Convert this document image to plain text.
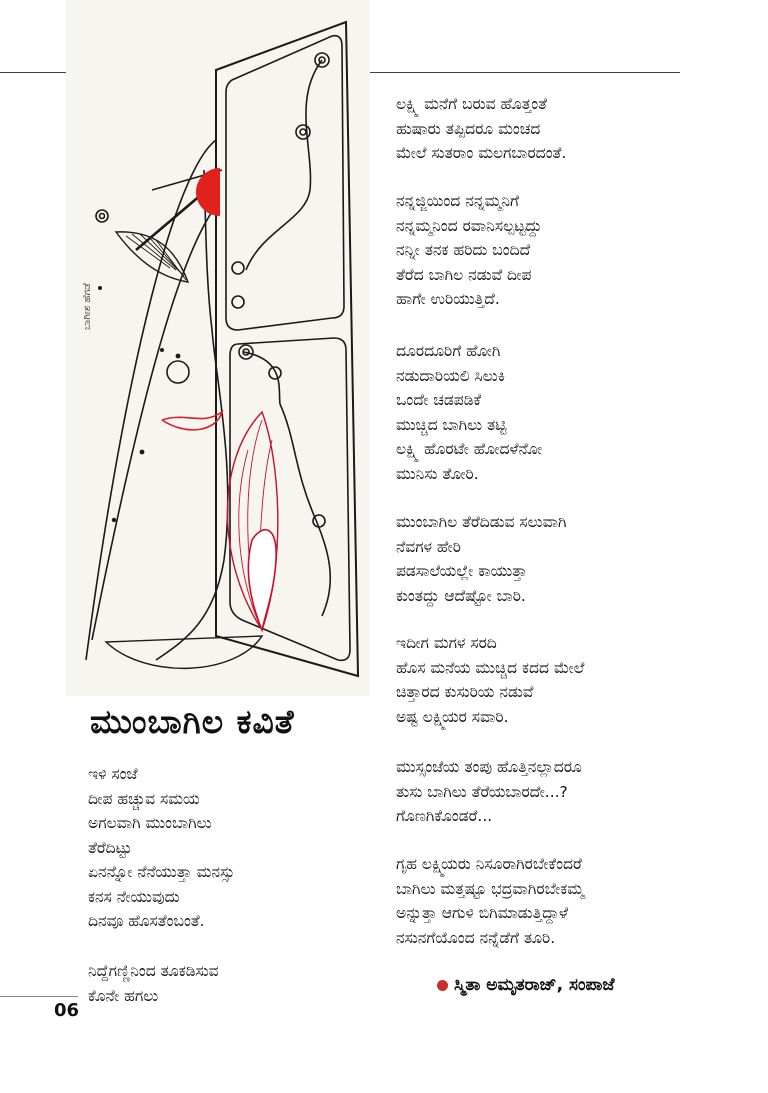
ಬಾಗೀಶ ಹೆಗಡೆ
ಮುಂಬಾಗಿಲ ಕವಿತೆ
ಇಳಿ ಸಂಜೆ
ದೀಪ ಹಚ್ಚುವ ಸಮಯ
ಅಗಲವಾಗಿ ಮುಂಬಾಗಿಲು
ತೆರೆದಿಟ್ಟು
ಏನನ್ನೋ ನೆನೆಯುತ್ತಾ ಮನಸ್ಸು
ಕನಸ ನೇಯುವುದು
ದಿನವೂ ಹೊಸತೆಂಬಂತೆ.
ನಿದ್ದೆಗಣ್ಣಿನಿಂದ ತೂಕಡಿಸುವ
ಕೊನೇ ಹಗಲು
ಲಕ್ಷ್ಮಿ ಮನೆಗೆ ಬರುವ ಹೊತ್ತಂತೆ
ಹುಷಾರು ತಪ್ಪಿದರೂ ಮಂಚದ
ಮೇಲೆ ಸುತರಾಂ ಮಲಗಬಾರದಂತೆ.
ನನ್ನಜ್ಜಿಯಿಂದ ನನ್ನಮ್ಮನಿಗೆ
ನನ್ನಮ್ಮನಿಂದ ರವಾನಿಸಲ್ಪಟ್ಟದ್ದು
ನನ್ನೀ ತನಕ ಹರಿದು ಬಂದಿದೆ
ತೆರೆದ ಬಾಗಿಲ ನಡುವೆ ದೀಪ
ಹಾಗೇ ಉರಿಯುತ್ತಿದೆ.
ದೂರದೂರಿಗೆ ಹೋಗಿ
ನಡುದಾರಿಯಲಿ ಸಿಲುಕಿ
ಒಂದೇ ಚಡಪಡಿಕೆ
ಮುಚ್ಚಿದ ಬಾಗಿಲು ತಟ್ಟಿ
ಲಕ್ಷ್ಮಿ ಹೊರಟೇ ಹೋದಳೆನೋ
ಮುನಿಸು ತೋರಿ.
ಮುಂಬಾಗಿಲ ತೆರೆದಿಡುವ ಸಲುವಾಗಿ
ನೆವಗಳ ಹೇರಿ
ಪಡಸಾಲೆಯಲ್ಲೇ ಕಾಯುತ್ತಾ
ಕುಂತದ್ದು ಆದೆಷ್ಟೋ ಬಾರಿ.
ಇದೀಗ ಮಗಳ ಸರದಿ
ಹೊಸ ಮನೆಯ ಮುಚ್ಚಿದ ಕದದ ಮೇಲೆ
ಚಿತ್ತಾರದ ಕುಸುರಿಯ ನಡುವೆ
ಅಷ್ಟ ಲಕ್ಷ್ಮಿಯರ ಸವಾರಿ.
ಮುಸ್ಸಂಜೆಯ ತಂಪು ಹೊತ್ತಿನಲ್ಲಾದರೂ
ತುಸು ಬಾಗಿಲು ತೆರೆಯಬಾರದೇ...?
ಗೊಣಗಿಕೊಂಡರೆ...
ಗೃಹ ಲಕ್ಷ್ಮಿಯರು ನಿಸೂರಾಗಿರಬೇಕೆಂದರೆ
ಬಾಗಿಲು ಮತ್ತಷ್ಟೂ ಭದ್ರವಾಗಿರಬೇಕಮ್ಮ
ಅನ್ನುತ್ತಾ ಆಗುಳಿ ಬಿಗಿಮಾಡುತ್ತಿದ್ದಾಳೆ
ನಸುನಗೆಯೊಂದ ನನ್ನೆಡೆಗೆ ತೂರಿ.
ಸ್ಮಿತಾ ಅಮೃತರಾಜ್, ಸಂಪಾಜೆ
06
